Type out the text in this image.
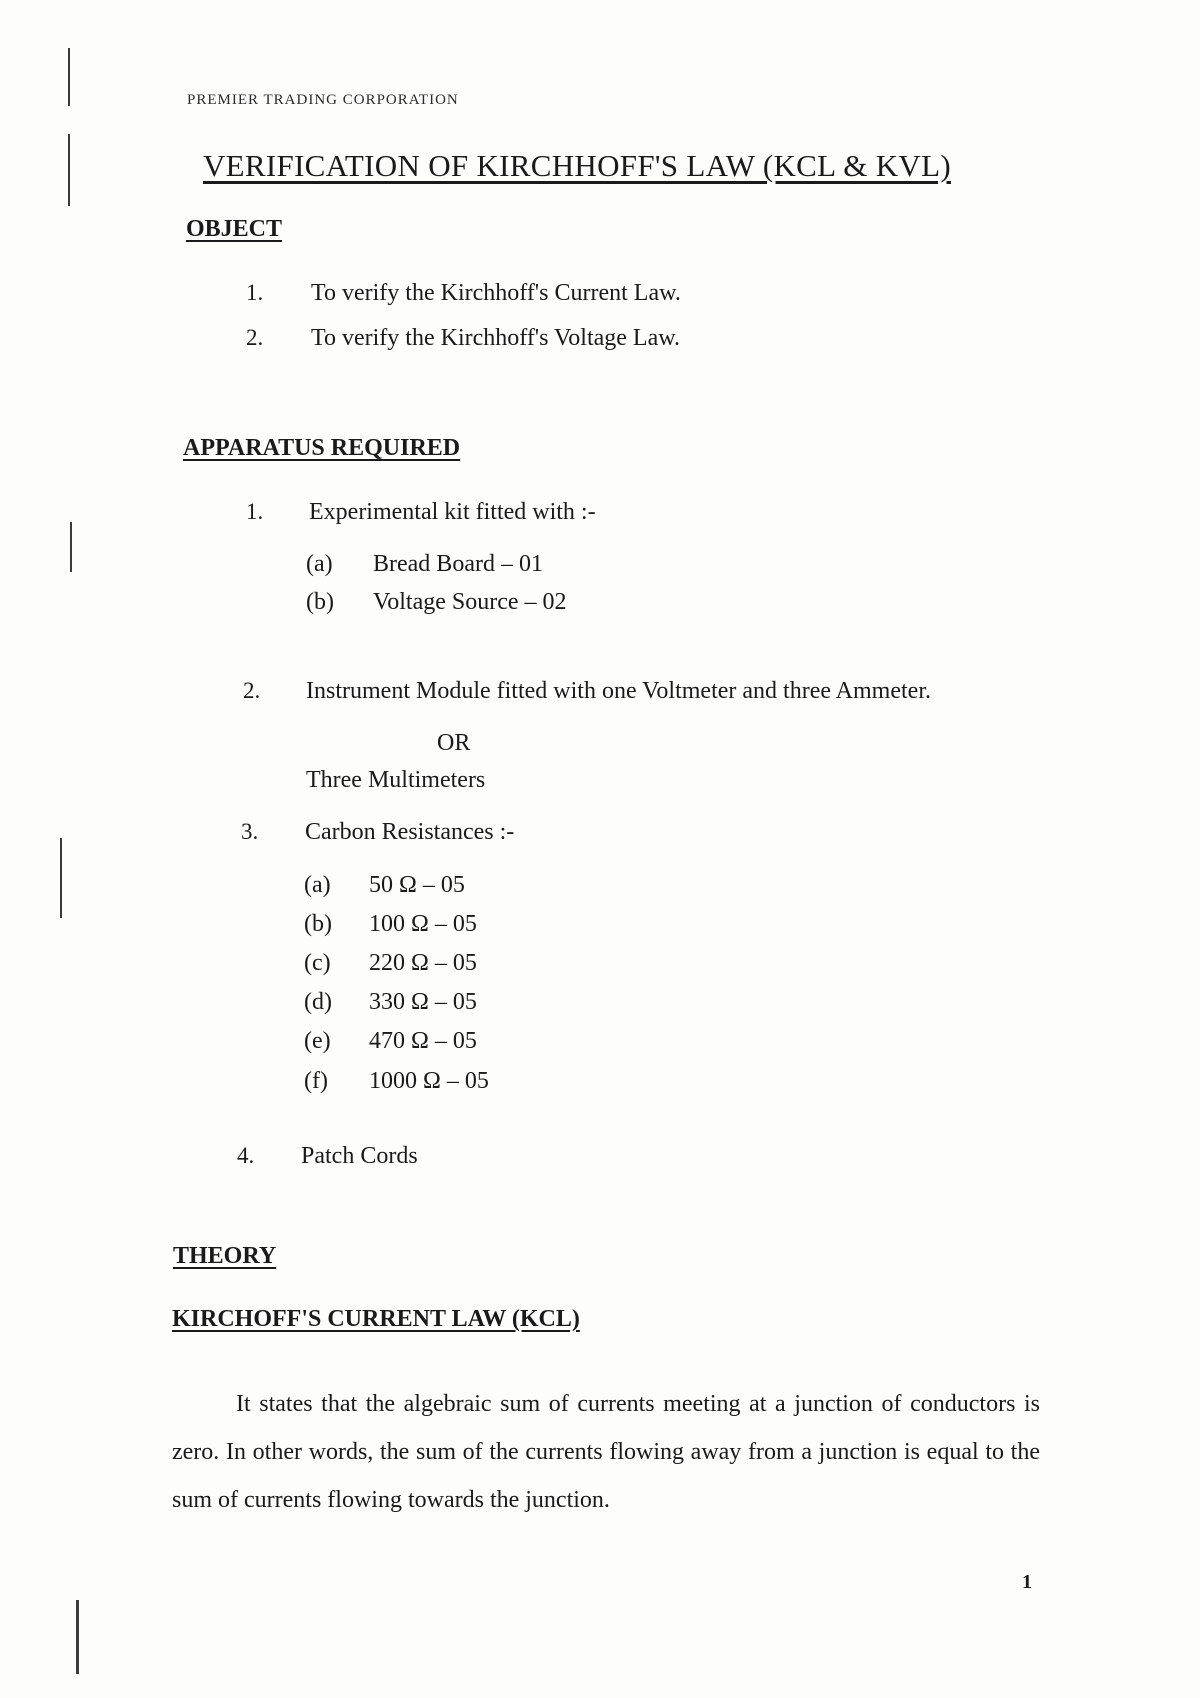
PREMIER TRADING CORPORATION
VERIFICATION OF KIRCHHOFF'S LAW (KCL & KVL)
OBJECT
1. To verify the Kirchhoff's Current Law.
2. To verify the Kirchhoff's Voltage Law.
APPARATUS REQUIRED
1. Experimental kit fitted with :-
(a) Bread Board – 01
(b) Voltage Source – 02
2. Instrument Module fitted with one Voltmeter and three Ammeter.
OR
Three Multimeters
3. Carbon Resistances :-
(a) 50 Ω – 05
(b) 100 Ω – 05
(c) 220 Ω – 05
(d) 330 Ω – 05
(e) 470 Ω – 05
(f) 1000 Ω – 05
4. Patch Cords
THEORY
KIRCHOFF'S CURRENT LAW (KCL)

It states that the algebraic sum of currents meeting at a junction of conductors is zero. In other words, the sum of the currents flowing away from a junction is equal to the sum of currents flowing towards the junction.

1
